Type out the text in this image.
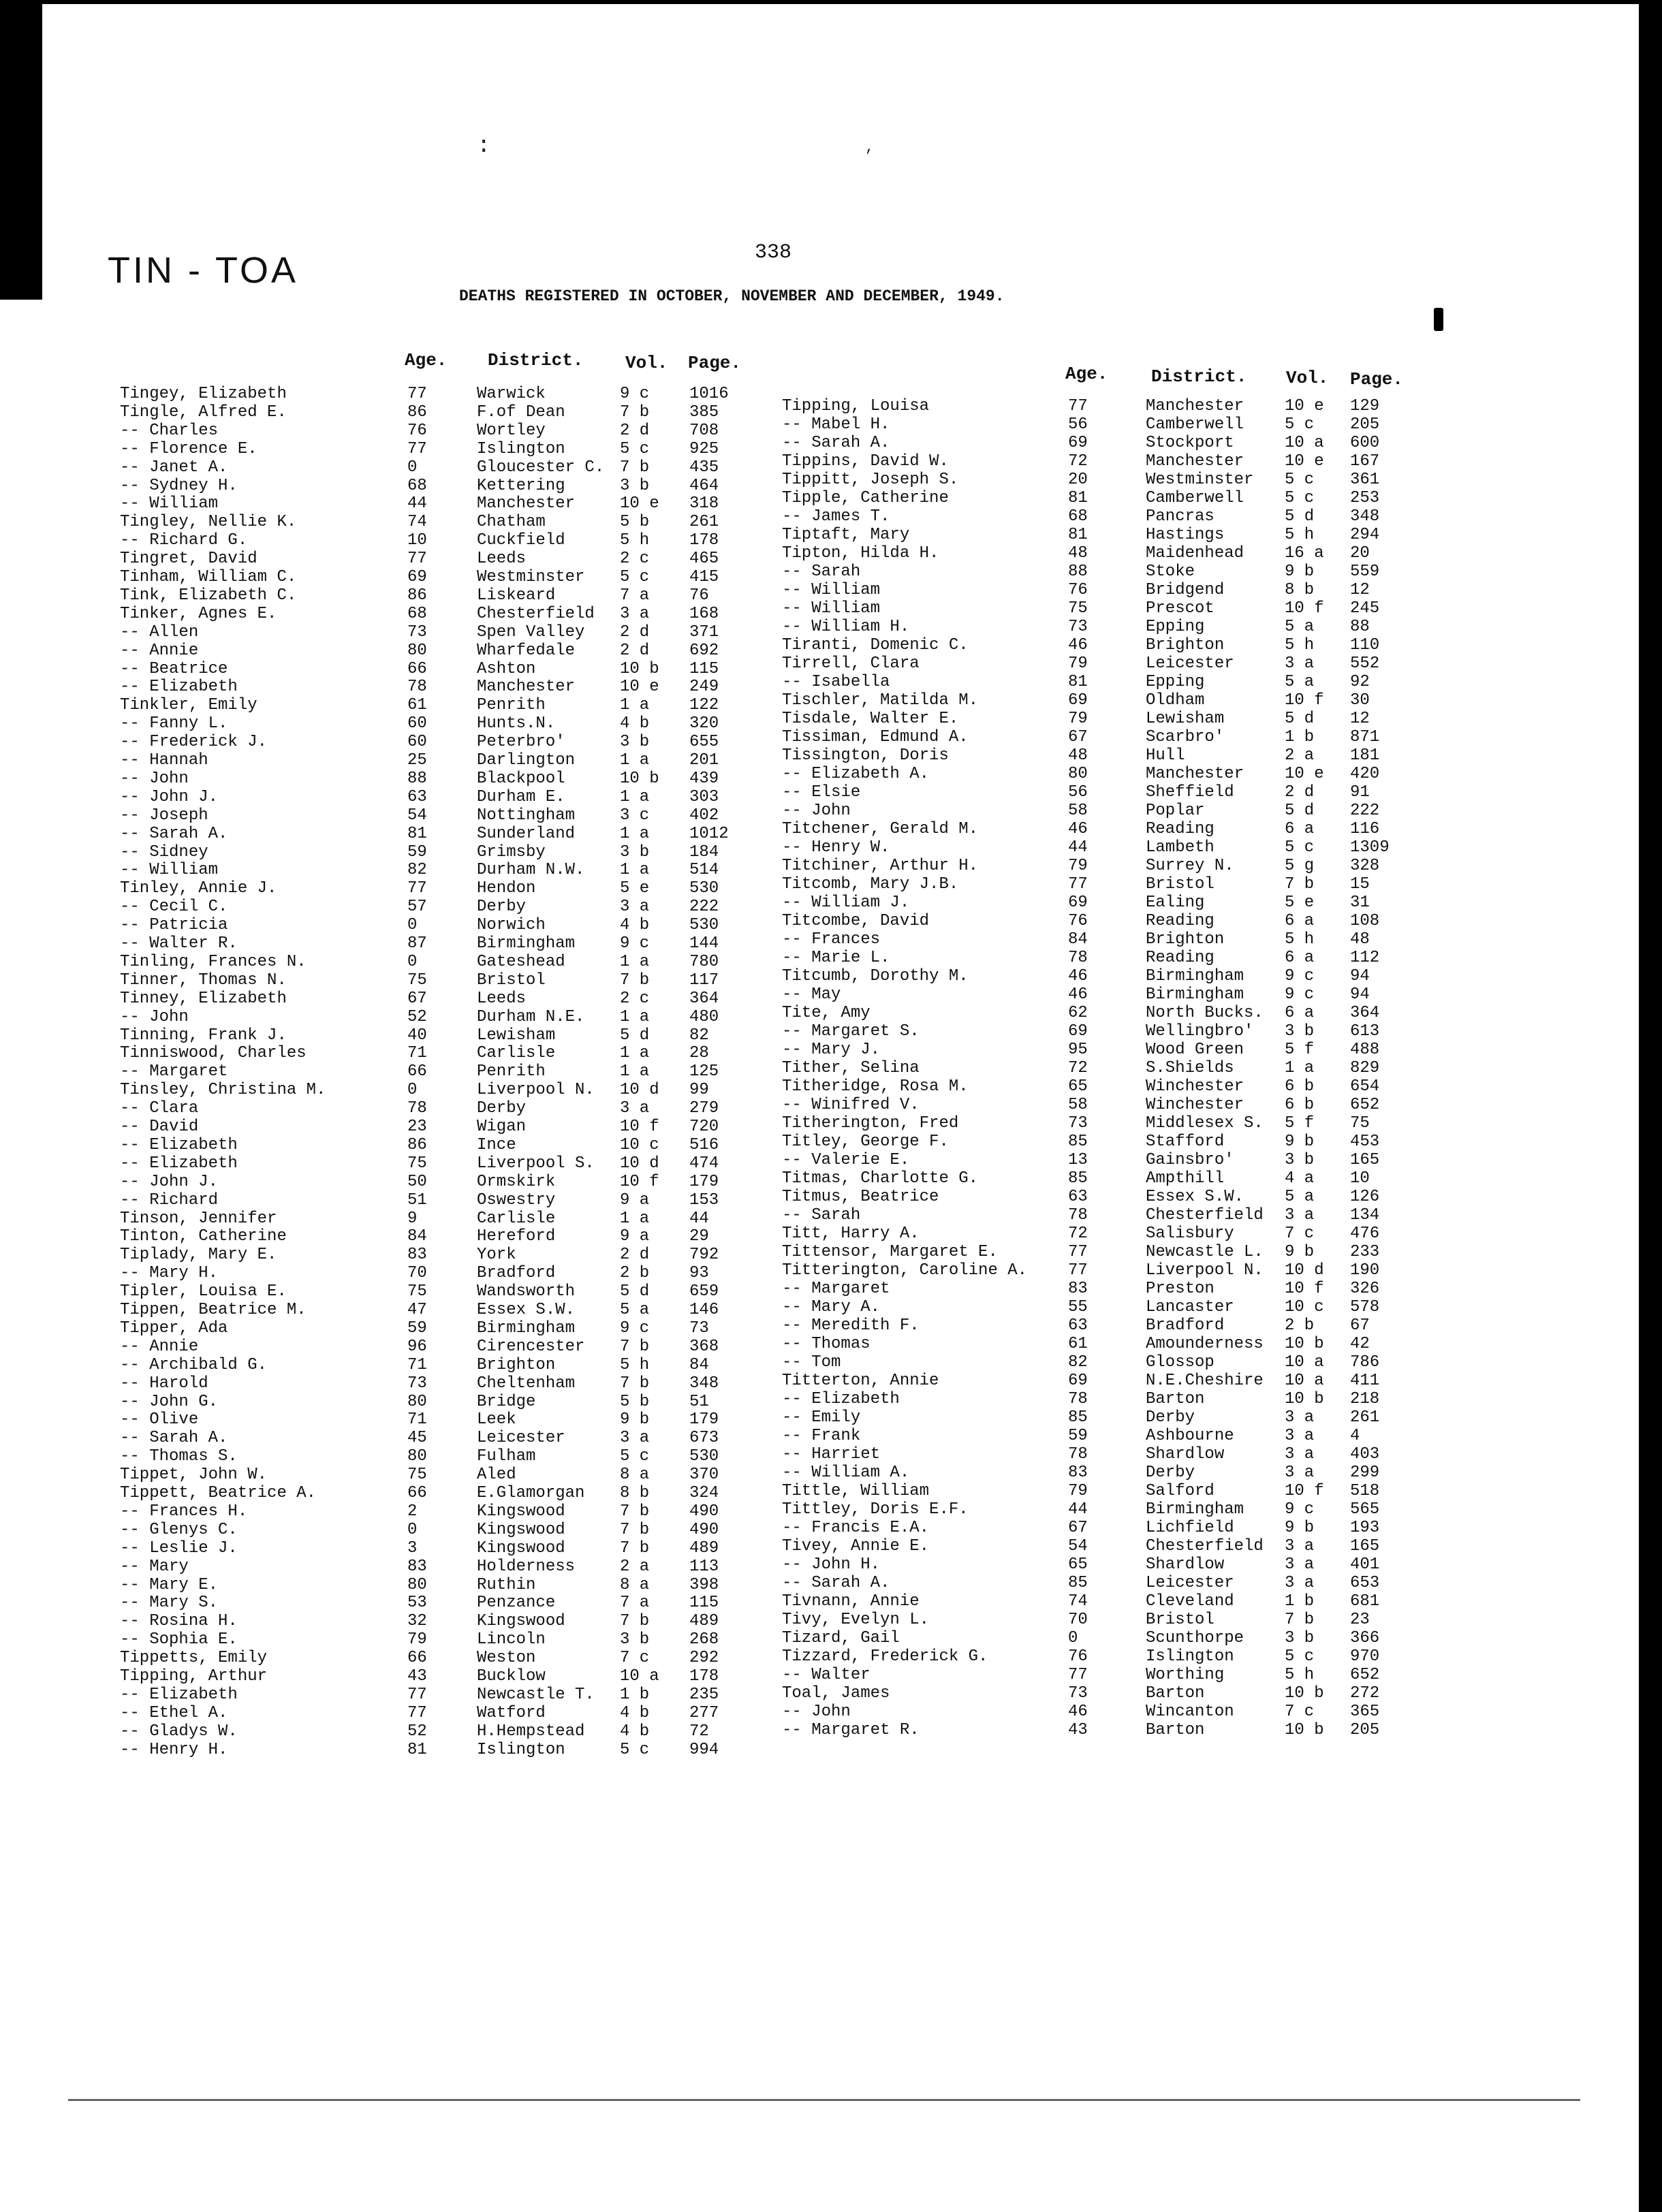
:	,
338
TIN - TOA
DEATHS REGISTERED IN OCTOBER, NOVEMBER AND DECEMBER, 1949.
Age. District. Vol. Page.
Age. District. Vol. Page.
Tingey, Elizabeth	77	Warwick	9 c 1016
Tingle, Alfred E.	86	F.of Dean	7 b 385
-- Charles	76	Wortley	2 d 708
-- Florence E.	77	Islington	5 c 925
-- Janet A.	0	Gloucester C. 7 b 435
-- Sydney H.	68	Kettering	3 b 464
-- William	44	Manchester	10 e 318
Tingley, Nellie K.	74	Chatham	5 b 261
-- Richard G.	10	Cuckfield	5 h 178
Tingret, David	77	Leeds	2 c 465
Tinham, William C.	69	Westminster 5 c 415
Tink, Elizabeth C.	86	Liskeard	7 a 76
Tinker, Agnes E.	68	Chesterfield 3 a 168
-- Allen	73	Spen Valley 2 d 371
-- Annie	80	Wharfedale	2 d 692
-- Beatrice	66	Ashton	10 b 115
-- Elizabeth	78	Manchester	10 e 249
Tinkler, Emily	61	Penrith	1 a 122
-- Fanny L.	60	Hunts.N.	4 b 320
-- Frederick J.	60	Peterbro'	3 b 655
-- Hannah	25	Darlington	1 a 201
-- John	88	Blackpool	10 b 439
-- John J.	63	Durham E.	1 a 303
-- Joseph	54	Nottingham	3 c 402
-- Sarah A.	81	Sunderland	1 a 1012
-- Sidney	59	Grimsby	3 b 184
-- William	82	Durham N.W. 1 a 514
Tinley, Annie J.	77	Hendon	5 e 530
-- Cecil C.	57	Derby	3 a 222
-- Patricia	0	Norwich	4 b 530
-- Walter R.	87	Birmingham	9 c 144
Tinling, Frances N.	0	Gateshead	1 a 780
Tinner, Thomas N.	75	Bristol	7 b 117
Tinney, Elizabeth	67	Leeds	2 c 364
-- John	52	Durham N.E. 1 a 480
Tinning, Frank J.	40	Lewisham	5 d 82
Tinniswood, Charles	71	Carlisle	1 a 28
-- Margaret	66	Penrith	1 a 125
Tinsley, Christina M.	0	Liverpool N. 10 d 99
-- Clara	78	Derby	3 a 279
-- David	23	Wigan	10 f 720
-- Elizabeth	86	Ince	10 c 516
-- Elizabeth	75	Liverpool S. 10 d 474
-- John J.	50	Ormskirk	10 f 179
-- Richard	51	Oswestry	9 a 153
Tinson, Jennifer	9	Carlisle	1 a 44
Tinton, Catherine	84	Hereford	9 a 29
Tiplady, Mary E.	83	York	2 d 792
-- Mary H.	70	Bradford	2 b 93
Tipler, Louisa E.	75	Wandsworth	5 d 659
Tippen, Beatrice M.	47	Essex S.W.	5 a 146
Tipper, Ada	59	Birmingham	9 c 73
-- Annie	96	Cirencester 7 b 368
-- Archibald G.	71	Brighton	5 h 84
-- Harold	73	Cheltenham	7 b 348
-- John G.	80	Bridge	5 b 51
-- Olive	71	Leek	9 b 179
-- Sarah A.	45	Leicester	3 a 673
-- Thomas S.	80	Fulham	5 c 530
Tippet, John W.	75	Aled	8 a 370
Tippett, Beatrice A.	66	E.Glamorgan 8 b 324
-- Frances H.	2	Kingswood	7 b 490
-- Glenys C.	0	Kingswood	7 b 490
-- Leslie J.	3	Kingswood	7 b 489
-- Mary	83	Holderness	2 a 113
-- Mary E.	80	Ruthin	8 a 398
-- Mary S.	53	Penzance	7 a 115
-- Rosina H.	32	Kingswood	7 b 489
-- Sophia E.	79	Lincoln	3 b 268
Tippetts, Emily	66	Weston	7 c 292
Tipping, Arthur	43	Bucklow	10 a 178
-- Elizabeth	77	Newcastle T. 1 b 235
-- Ethel A.	77	Watford	4 b 277
-- Gladys W.	52	H.Hempstead 4 b 72
-- Henry H.	81	Islington	5 c 994
Tipping, Louisa	77	Manchester 10 e 129
-- Mabel H.	56	Camberwell 5 c 205
-- Sarah A.	69	Stockport	10 a 600
Tippins, David W.	72	Manchester 10 e 167
Tippitt, Joseph S.	20	Westminster 5 c 361
Tipple, Catherine	81	Camberwell 5 c 253
-- James T.	68	Pancras	5 d 348
Tiptaft, Mary	81	Hastings	5 h 294
Tipton, Hilda H.	48	Maidenhead 16 a 20
-- Sarah	88	Stoke	9 b 559
-- William	76	Bridgend	8 b 12
-- William	75	Prescot	10 f 245
-- William H.	73	Epping	5 a 88
Tiranti, Domenic C.	46	Brighton	5 h 110
Tirrell, Clara	79	Leicester	3 a 552
-- Isabella	81	Epping	5 a 92
Tischler, Matilda M.	69	Oldham	10 f 30
Tisdale, Walter E.	79	Lewisham	5 d 12
Tissiman, Edmund A.	67	Scarbro'	1 b 871
Tissington, Doris	48	Hull	2 a 181
-- Elizabeth A.	80	Manchester 10 e 420
-- Elsie	56	Sheffield	2 d 91
-- John	58	Poplar	5 d 222
Titchener, Gerald M.	46	Reading	6 a 116
-- Henry W.	44	Lambeth	5 c 1309
Titchiner, Arthur H.	79	Surrey N.	5 g 328
Titcomb, Mary J.B.	77	Bristol	7 b 15
-- William J.	69	Ealing	5 e 31
Titcombe, David	76	Reading	6 a 108
-- Frances	84	Brighton	5 h 48
-- Marie L.	78	Reading	6 a 112
Titcumb, Dorothy M.	46	Birmingham 9 c 94
-- May	46	Birmingham 9 c 94
Tite, Amy	62	North Bucks. 6 a 364
-- Margaret S.	69	Wellingbro' 3 b 613
-- Mary J.	95	Wood Green 5 f 488
Tither, Selina	72	S.Shields	1 a 829
Titheridge, Rosa M.	65	Winchester 6 b 654
-- Winifred V.	58	Winchester 6 b 652
Titherington, Fred	73	Middlesex S. 5 f 75
Titley, George F.	85	Stafford	9 b 453
-- Valerie E.	13	Gainsbro'	3 b 165
Titmas, Charlotte G.	85	Ampthill	4 a 10
Titmus, Beatrice	63	Essex S.W. 5 a 126
-- Sarah	78	Chesterfield 3 a 134
Titt, Harry A.	72	Salisbury	7 c 476
Tittensor, Margaret E.	77	Newcastle L. 9 b 233
Titterington, Caroline A. 77	Liverpool N. 10 d 190
-- Margaret	83	Preston	10 f 326
-- Mary A.	55	Lancaster	10 c 578
-- Meredith F.	63	Bradford	2 b 67
-- Thomas	61	Amounderness 10 b 42
-- Tom	82	Glossop	10 a 786
Titterton, Annie	69	N.E.Cheshire 10 a 411
-- Elizabeth	78	Barton	10 b 218
-- Emily	85	Derby	3 a 261
-- Frank	59	Ashbourne	3 a 4
-- Harriet	78	Shardlow	3 a 403
-- William A.	83	Derby	3 a 299
Tittle, William	79	Salford	10 f 518
Tittley, Doris E.F.	44	Birmingham 9 c 565
-- Francis E.A.	67	Lichfield	9 b 193
Tivey, Annie E.	54	Chesterfield 3 a 165
-- John H.	65	Shardlow	3 a 401
-- Sarah A.	85	Leicester	3 a 653
Tivnann, Annie	74	Cleveland	1 b 681
Tivy, Evelyn L.	70	Bristol	7 b 23
Tizard, Gail	0	Scunthorpe 3 b 366
Tizzard, Frederick G.	76	Islington	5 c 970
-- Walter	77	Worthing	5 h 652
Toal, James	73	Barton	10 b 272
-- John	46	Wincanton	7 c 365
-- Margaret R.	43	Barton	10 b 205
